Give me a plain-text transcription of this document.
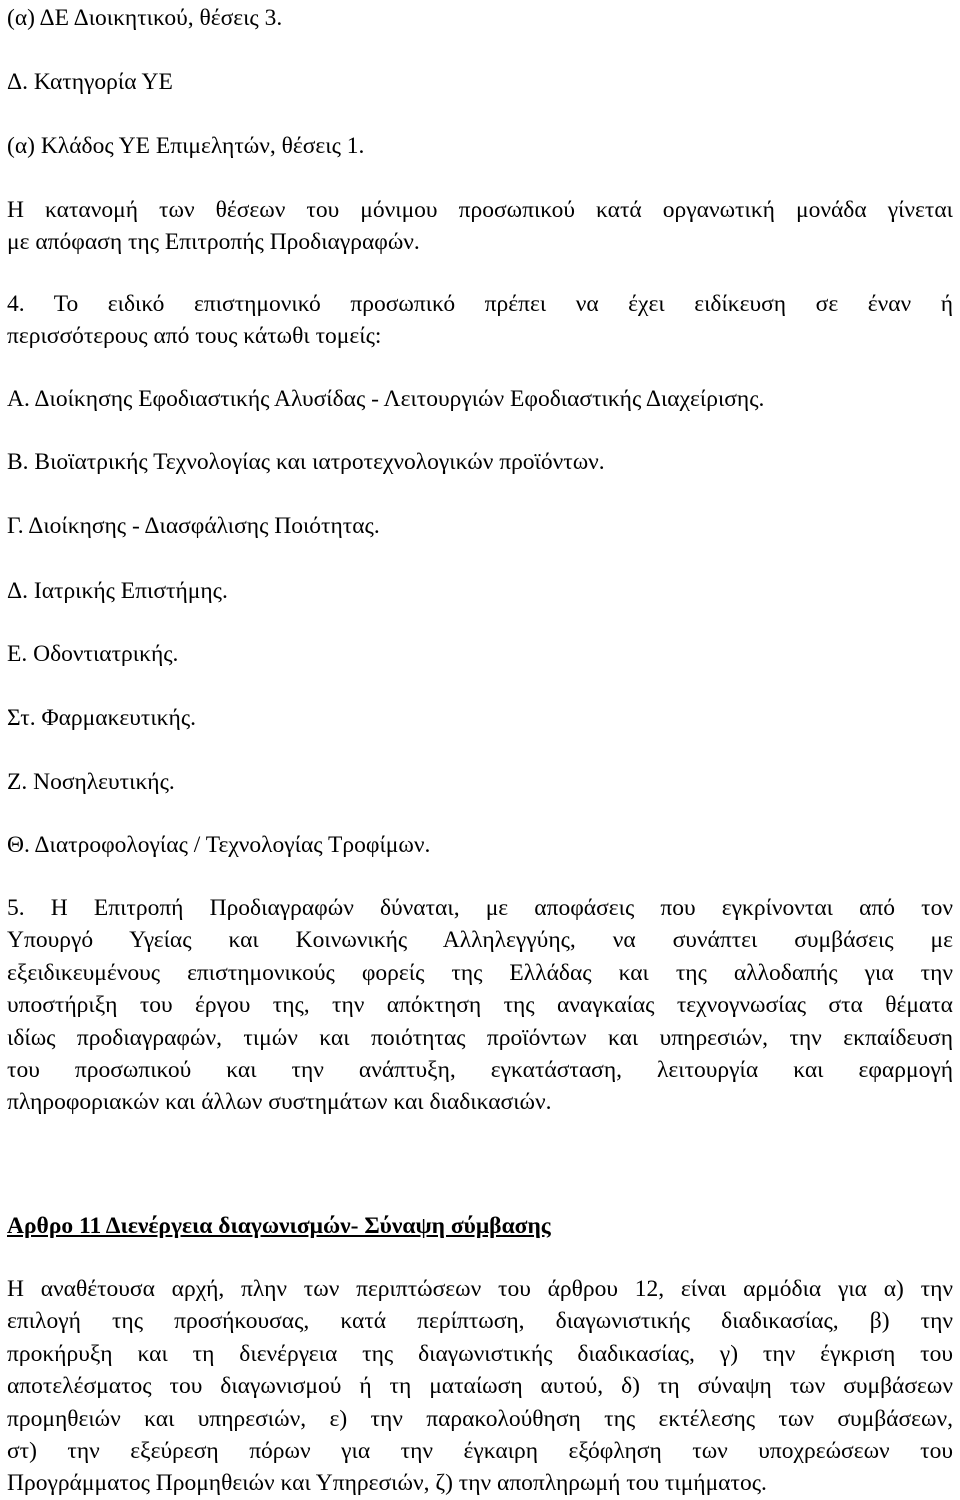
(α) ΔΕ Διοικητικού, θέσεις 3.

Δ. Κατηγορία ΥΕ

(α) Κλάδος ΥΕ Επιμελητών, θέσεις 1.

Η κατανομή των θέσεων του μόνιμου προσωπικού κατά οργανωτική μονάδα γίνεται
με απόφαση της Επιτροπής Προδιαγραφών.
4. Το ειδικό επιστημονικό προσωπικό πρέπει να έχει ειδίκευση σε έναν ή
περισσότερους από τους κάτωθι τομείς:

Α. Διοίκησης Εφοδιαστικής Αλυσίδας - Λειτουργιών Εφοδιαστικής Διαχείρισης.

Β. Βιοϊατρικής Τεχνολογίας και ιατροτεχνολογικών προϊόντων.

Γ. Διοίκησης - Διασφάλισης Ποιότητας.

Δ. Ιατρικής Επιστήμης.

Ε. Οδοντιατρικής.

Στ. Φαρμακευτικής.

Ζ. Νοσηλευτικής.

Θ. Διατροφολογίας / Τεχνολογίας Τροφίμων.

5. Η Επιτροπή Προδιαγραφών δύναται, με αποφάσεις που εγκρίνονται από τον
Υπουργό Υγείας και Κοινωνικής Αλληλεγγύης, να συνάπτει συμβάσεις με
εξειδικευμένους επιστημονικούς φορείς της Ελλάδας και της αλλοδαπής για την
υποστήριξη του έργου της, την απόκτηση της αναγκαίας τεχνογνωσίας στα θέματα
ιδίως προδιαγραφών, τιμών και ποιότητας προϊόντων και υπηρεσιών, την εκπαίδευση
του προσωπικού και την ανάπτυξη, εγκατάσταση, λειτουργία και εφαρμογή
πληροφοριακών και άλλων συστημάτων και διαδικασιών.

Αρθρο 11 Διενέργεια διαγωνισμών- Σύναψη σύμβασης

Η αναθέτουσα αρχή, πλην των περιπτώσεων του άρθρου 12, είναι αρμόδια για α) την
επιλογή της προσήκουσας, κατά περίπτωση, διαγωνιστικής διαδικασίας, β) την
προκήρυξη και τη διενέργεια της διαγωνιστικής διαδικασίας, γ) την έγκριση του
αποτελέσματος του διαγωνισμού ή τη ματαίωση αυτού, δ) τη σύναψη των συμβάσεων
προμηθειών και υπηρεσιών, ε) την παρακολούθηση της εκτέλεσης των συμβάσεων,
στ) την εξεύρεση πόρων για την έγκαιρη εξόφληση των υποχρεώσεων του
Προγράμματος Προμηθειών και Υπηρεσιών, ζ) την αποπληρωμή του τιμήματος.
